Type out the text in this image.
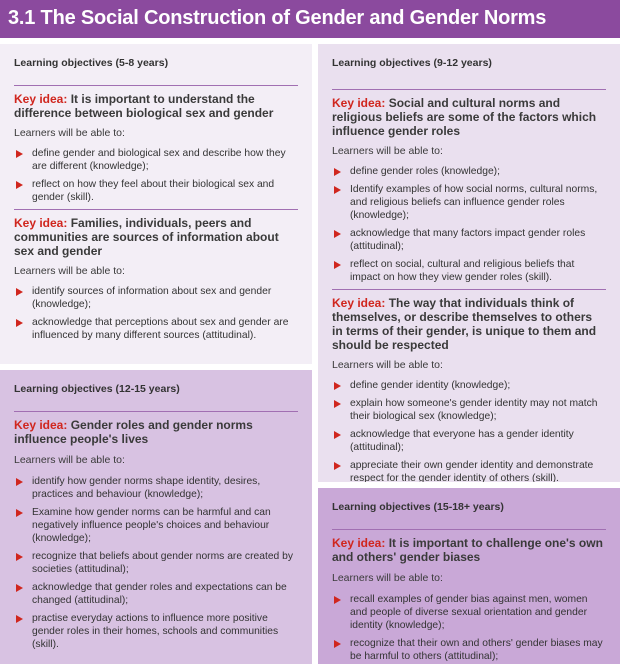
3.1 The Social Construction of Gender and Gender Norms

Learning objectives (5-8 years)

Key idea: It is important to understand the difference between biological sex and gender

Learners will be able to:

define gender and biological sex and describe how they are different (knowledge);
reflect on how they feel about their biological sex and gender (skill).

Key idea: Families, individuals, peers and communities are sources of information about sex and gender

Learners will be able to:

identify sources of information about sex and gender (knowledge);
acknowledge that perceptions about sex and gender are influenced by many different sources (attitudinal).

Learning objectives (9-12 years)

Key idea: Social and cultural norms and religious beliefs are some of the factors which influence gender roles

Learners will be able to:

define gender roles (knowledge);
Identify examples of how social norms, cultural norms, and religious beliefs can influence gender roles (knowledge);
acknowledge that many factors impact gender roles (attitudinal);
reflect on social, cultural and religious beliefs that impact on how they view gender roles (skill).

Key idea: The way that individuals think of themselves, or describe themselves to others in terms of their gender, is unique to them and should be respected

Learners will be able to:

define gender identity (knowledge);
explain how someone's gender identity may not match their biological sex (knowledge);
acknowledge that everyone has a gender identity (attitudinal);
appreciate their own gender identity and demonstrate respect for the gender identity of others (skill).

Learning objectives (12-15 years)

Key idea: Gender roles and gender norms influence people's lives

Learners will be able to:

identify how gender norms shape identity, desires, practices and behaviour (knowledge);
Examine how gender norms can be harmful and can negatively influence people's choices and behaviour (knowledge);
recognize that beliefs about gender norms are created by societies (attitudinal);
acknowledge that gender roles and expectations can be changed (attitudinal);
practise everyday actions to influence more positive gender roles in their homes, schools and communities (skill).

Learning objectives (15-18+ years)

Key idea: It is important to challenge one's own and others' gender biases

Learners will be able to:

recall examples of gender bias against men, women and people of diverse sexual orientation and gender identity (knowledge);
recognize that their own and others' gender biases may be harmful to others (attitudinal);
